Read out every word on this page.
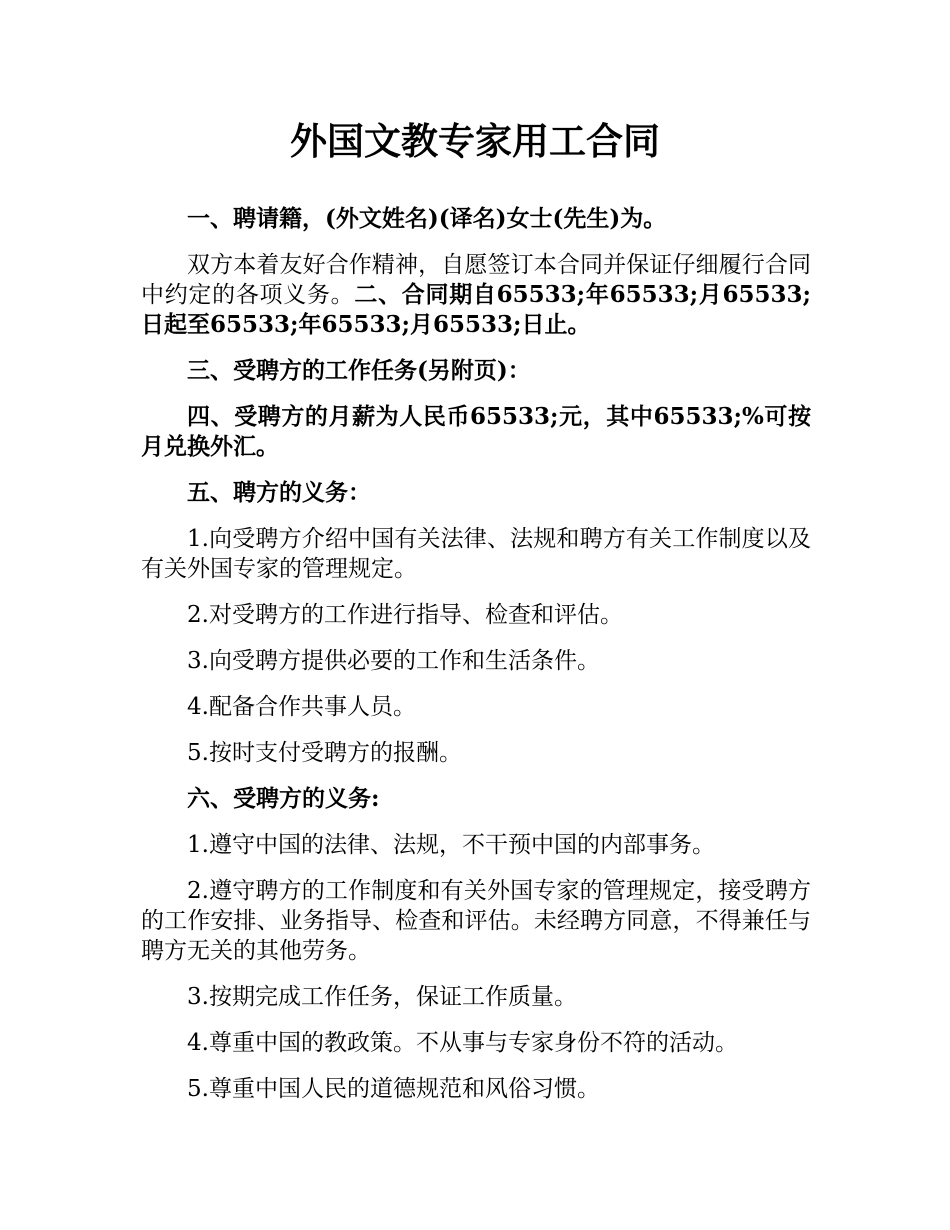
外国文教专家用工合同

一、聘请籍，(外文姓名)(译名)女士(先生)为。

双方本着友好合作精神，自愿签订本合同并保证仔细履行合同中约定的各项义务。二、合同期自65533;年65533;月65533;日起至65533;年65533;月65533;日止。

三、受聘方的工作任务(另附页)：

四、受聘方的月薪为人民币65533;元，其中65533;%可按月兑换外汇。

五、聘方的义务：

1.向受聘方介绍中国有关法律、法规和聘方有关工作制度以及有关外国专家的管理规定。

2.对受聘方的工作进行指导、检查和评估。

3.向受聘方提供必要的工作和生活条件。

4.配备合作共事人员。

5.按时支付受聘方的报酬。

六、受聘方的义务:

1.遵守中国的法律、法规，不干预中国的内部事务。

2.遵守聘方的工作制度和有关外国专家的管理规定，接受聘方的工作安排、业务指导、检查和评估。未经聘方同意，不得兼任与聘方无关的其他劳务。

3.按期完成工作任务，保证工作质量。

4.尊重中国的教政策。不从事与专家身份不符的活动。

5.尊重中国人民的道德规范和风俗习惯。
